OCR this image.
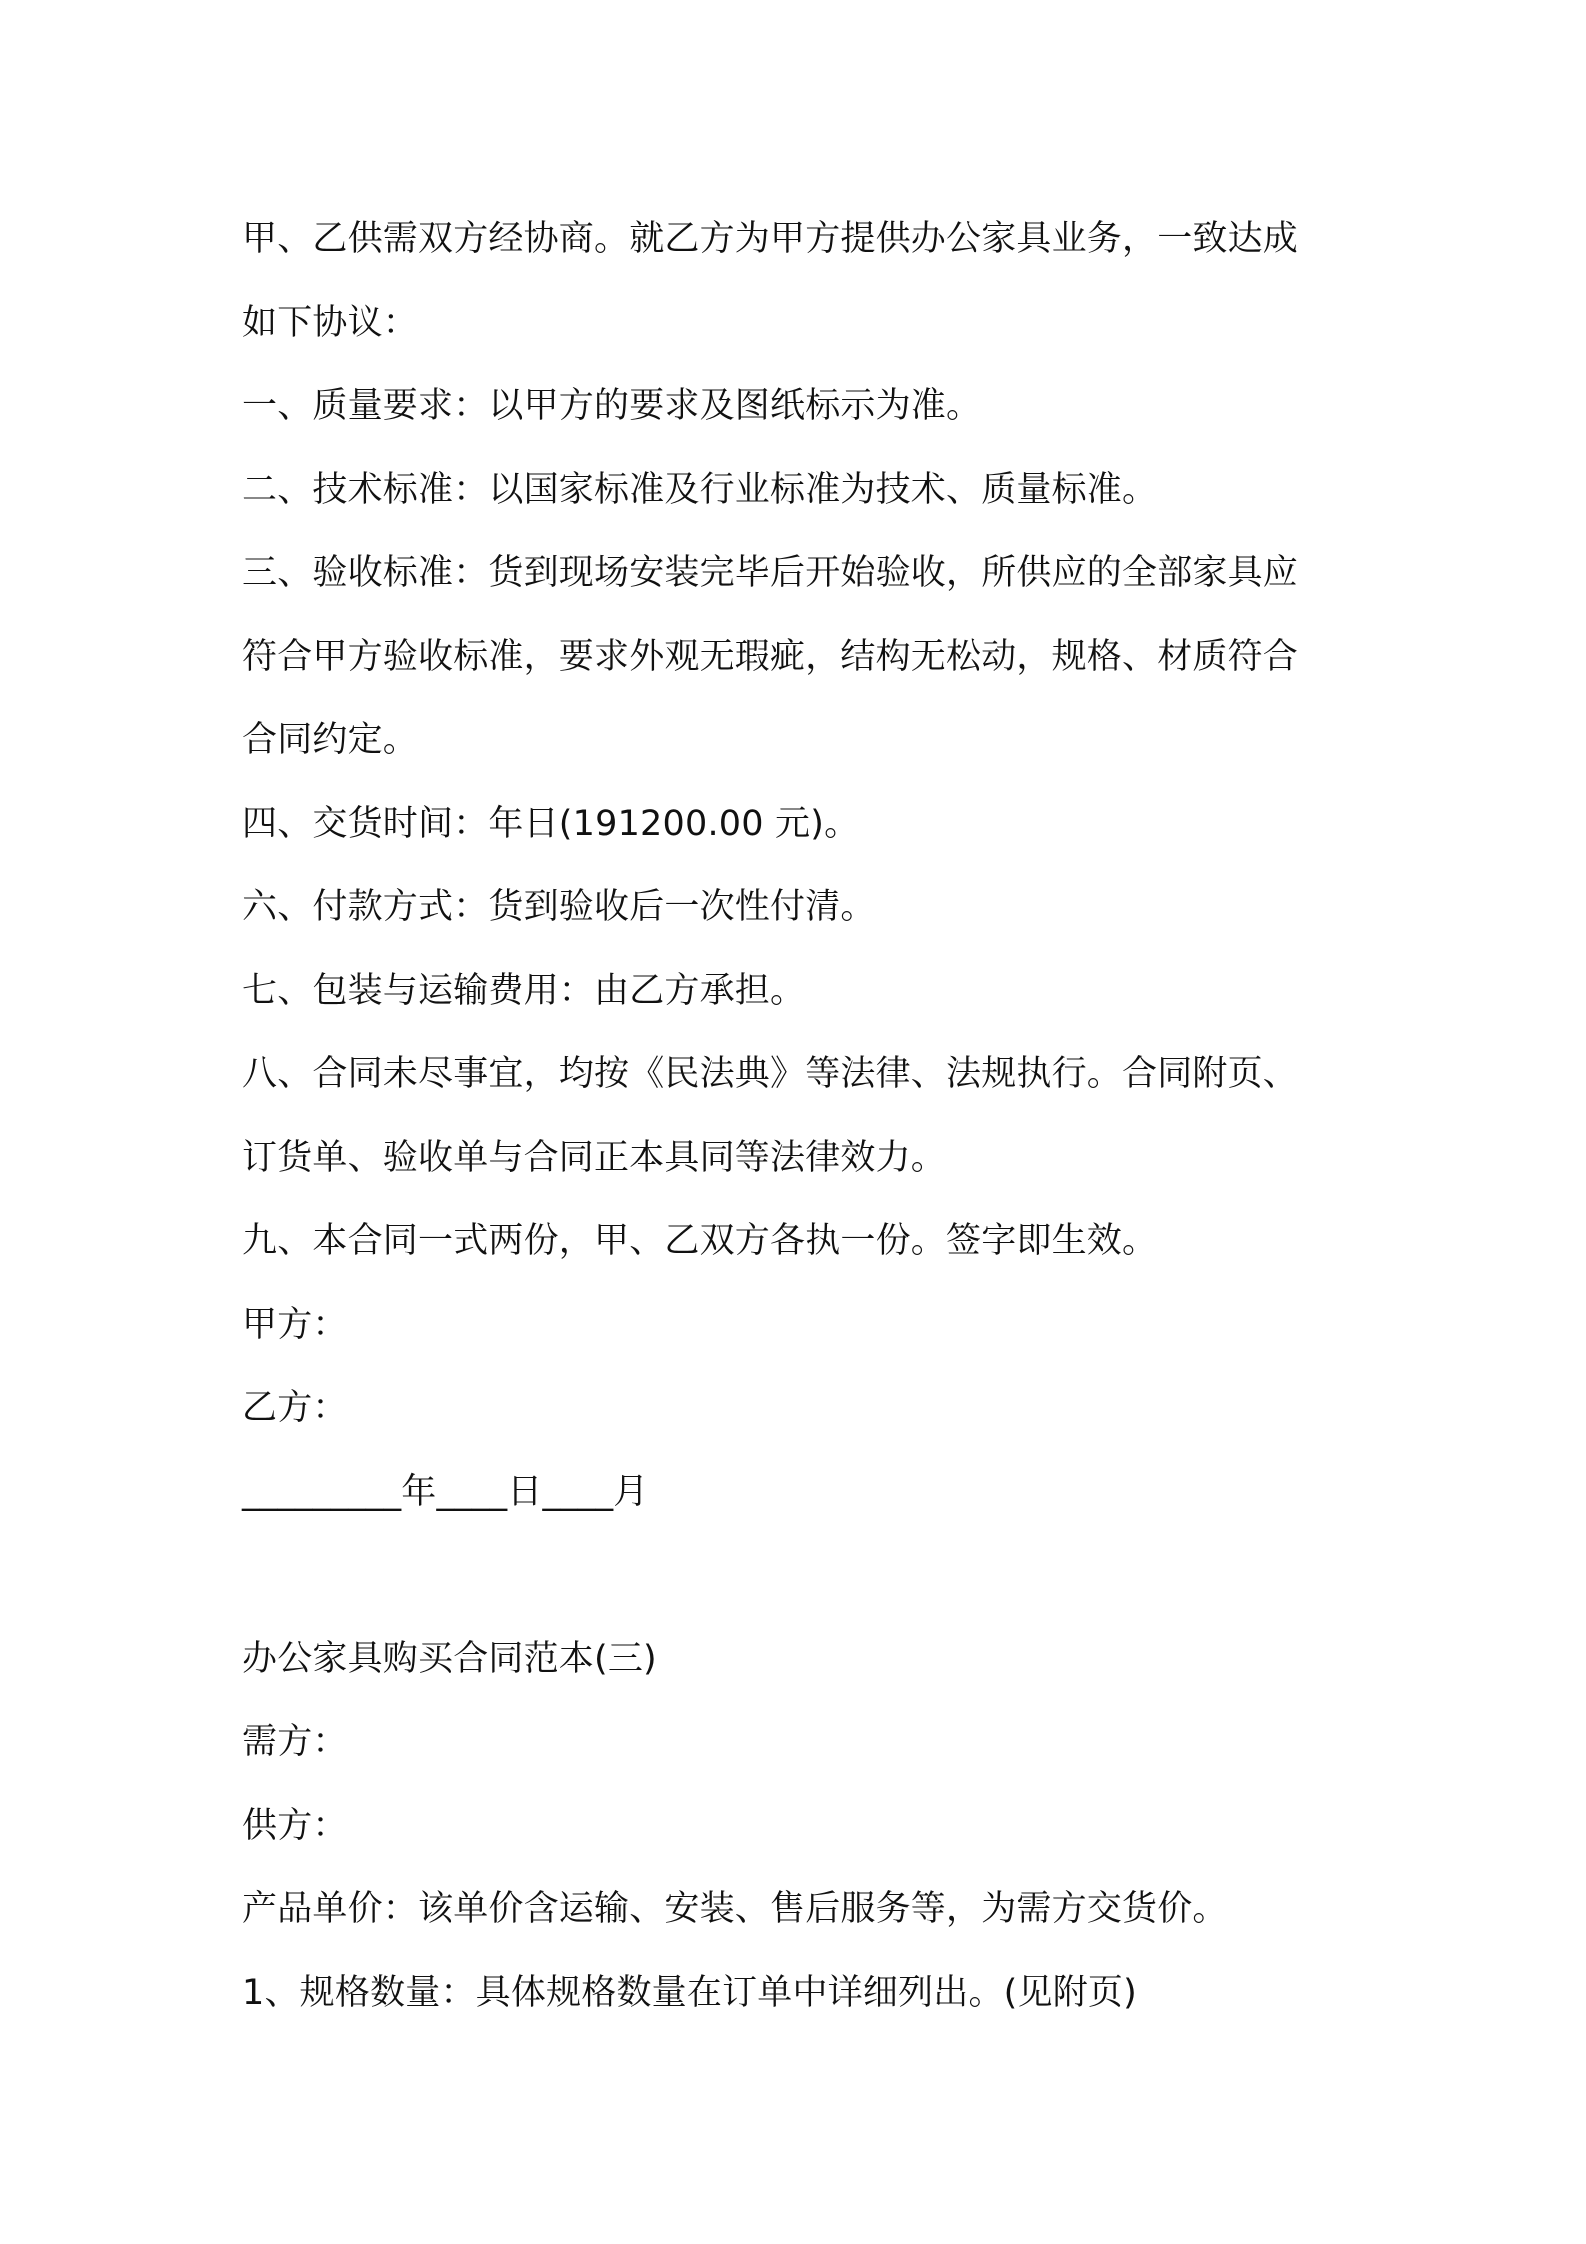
甲、乙供需双方经协商。就乙方为甲方提供办公家具业务，一致达成
如下协议：
一、质量要求：以甲方的要求及图纸标示为准。
二、技术标准：以国家标准及行业标准为技术、质量标准。
三、验收标准：货到现场安装完毕后开始验收，所供应的全部家具应
符合甲方验收标准，要求外观无瑕疵，结构无松动，规格、材质符合
合同约定。
四、交货时间：年日(191200.00 元)。
六、付款方式：货到验收后一次性付清。
七、包装与运输费用：由乙方承担。
八、合同未尽事宜，均按《民法典》等法律、法规执行。合同附页、
订货单、验收单与合同正本具同等法律效力。
九、本合同一式两份，甲、乙双方各执一份。签字即生效。
甲方：
乙方：
_________年____日____月
办公家具购买合同范本(三)
需方：
供方：
产品单价：该单价含运输、安装、售后服务等，为需方交货价。
1、规格数量：具体规格数量在订单中详细列出。(见附页)
